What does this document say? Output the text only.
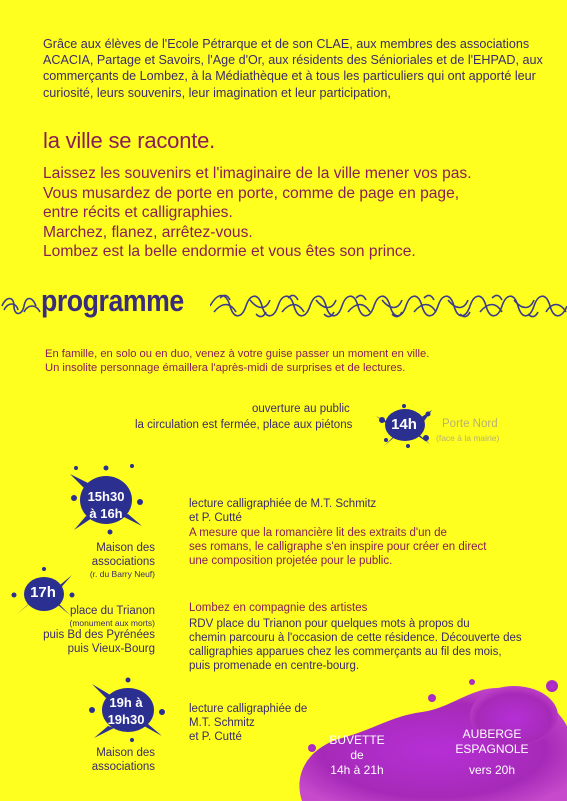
Grâce aux élèves de l'Ecole Pétrarque et de son CLAE, aux membres des associations ACACIA, Partage et Savoirs, l'Age d'Or, aux résidents des Sénioriales et de l'EHPAD, aux commerçants de Lombez, à la Médiathèque et à tous les particuliers qui ont apporté leur curiosité, leurs souvenirs, leur imagination et leur participation,
la ville se raconte.
Laissez les souvenirs et l'imaginaire de la ville mener vos pas.
Vous musardez de porte en porte, comme de page en page,
entre récits et calligraphies.
Marchez, flanez, arrêtez-vous.
Lombez est la belle endormie et vous êtes son prince.
programme
En famille, en solo ou en duo, venez à votre guise passer un moment en ville.
Un insolite personnage émaillera l'après-midi de surprises et de lectures.
ouverture au public
la circulation est fermée, place aux piétons	14h	Porte Nord
(face à la mairie)
15h30
à 16h
Maison des
associations
(r. du Barry Neuf)
lecture calligraphiée de M.T. Schmitz
et P. Cutté
A mesure que la romancière lit des extraits d'un de
ses romans, le calligraphe s'en inspire pour créer en direct
une composition projetée pour le public.
17h
place du Trianon
(monument aux morts)
puis Bd des Pyrénées
puis Vieux-Bourg
Lombez en compagnie des artistes
RDV place du Trianon pour quelques mots à propos du
chemin parcouru à l'occasion de cette résidence. Découverte des
calligraphies apparues chez les commerçants au fil des mois,
puis promenade en centre-bourg.
19h à
19h30
Maison des
associations
lecture calligraphiée de
M.T. Schmitz
et P. Cutté	BUVETTE
de
14h à 21h
AUBERGE
ESPAGNOLE
vers 20h
